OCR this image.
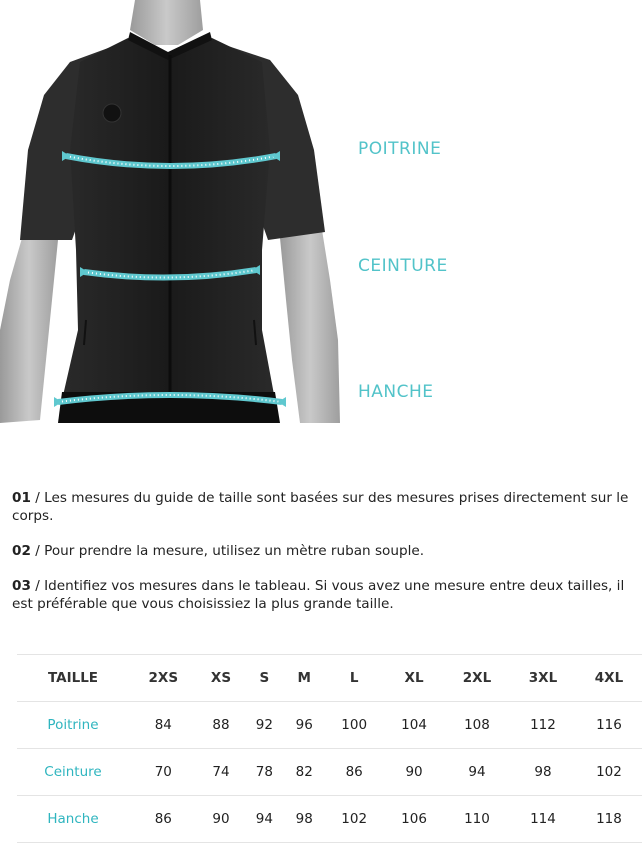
POITRINE
CEINTURE
HANCHE

01 / Les mesures du guide de taille sont basées sur des mesures prises directement sur le corps.

02 / Pour prendre la mesure, utilisez un mètre ruban souple.

03 / Identifiez vos mesures dans le tableau. Si vous avez une mesure entre deux tailles, il est préférable que vous choisissiez la plus grande taille.

TAILLE	2XS	XS	S	M	L	XL	2XL	3XL	4XL
Poitrine	84	88	92	96	100	104	108	112	116
Ceinture	70	74	78	82	86	90	94	98	102
Hanche	86	90	94	98	102	106	110	114	118
